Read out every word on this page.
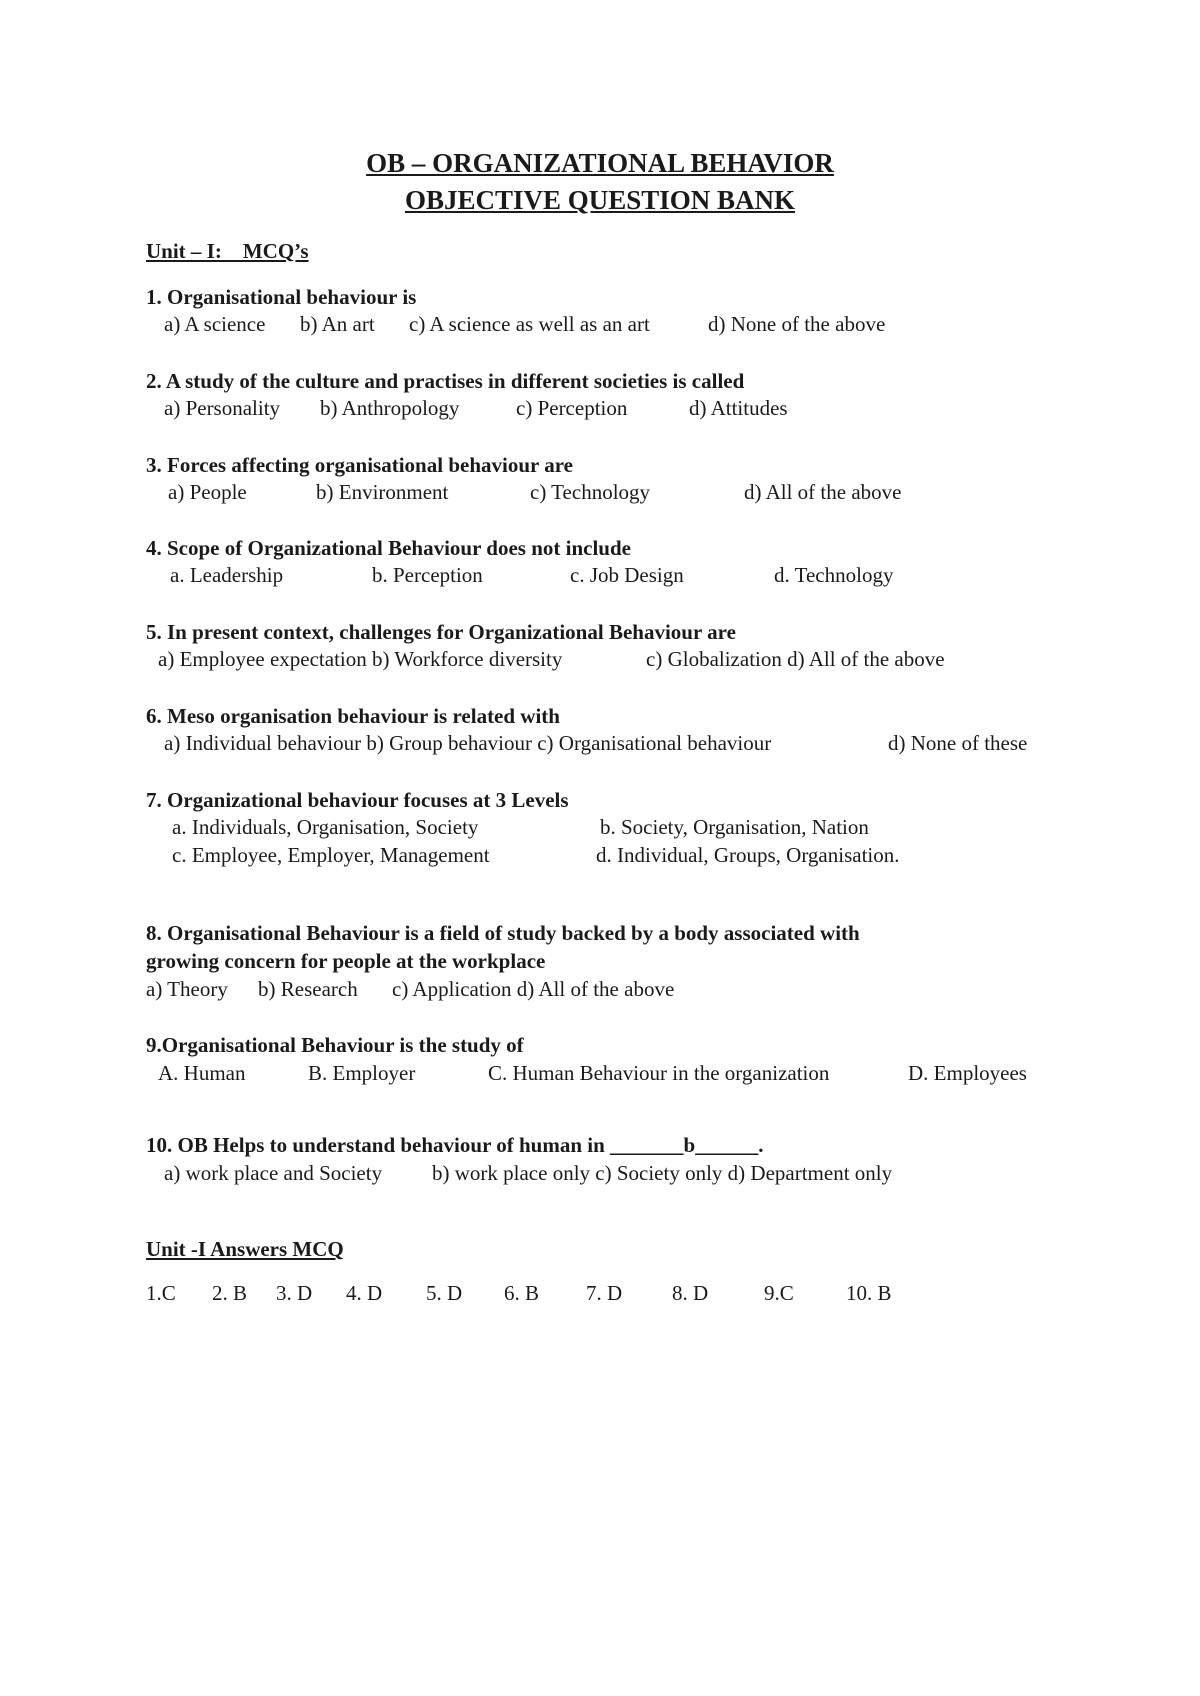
OB – ORGANIZATIONAL BEHAVIOR
OBJECTIVE QUESTION BANK
Unit – I:    MCQ’s
1. Organisational behaviour is
a) A science b) An art c) A science as well as an art	d) None of the above
2. A study of the culture and practises in different societies is called
a) Personality b) Anthropology	c) Perception	d) Attitudes
3. Forces affecting organisational behaviour are
a) People	b) Environment	c) Technology	d) All of the above
4. Scope of Organizational Behaviour does not include
a. Leadership	b. Perception	c. Job Design	d. Technology
5. In present context, challenges for Organizational Behaviour are
a) Employee expectation b) Workforce diversity	c) Globalization d) All of the above
6. Meso organisation behaviour is related with
a) Individual behaviour b) Group behaviour c) Organisational behaviour	d) None of these
7. Organizational behaviour focuses at 3 Levels
a. Individuals, Organisation, Society	b. Society, Organisation, Nation
c. Employee, Employer, Management	d. Individual, Groups, Organisation.
8. Organisational Behaviour is a field of study backed by a body associated with
growing concern for people at the workplace
a) Theory b) Research c) Application d) All of the above
9.Organisational Behaviour is the study of
A. Human	B. Employer	C. Human Behaviour in the organization	D. Employees
10. OB Helps to understand behaviour of human in _______b______.
a) work place and Society b) work place only c) Society only d) Department only
Unit -I Answers MCQ
1.C 2. B 3. D 4. D 5. D 6. B 7. D 8. D	9.C 10. B
